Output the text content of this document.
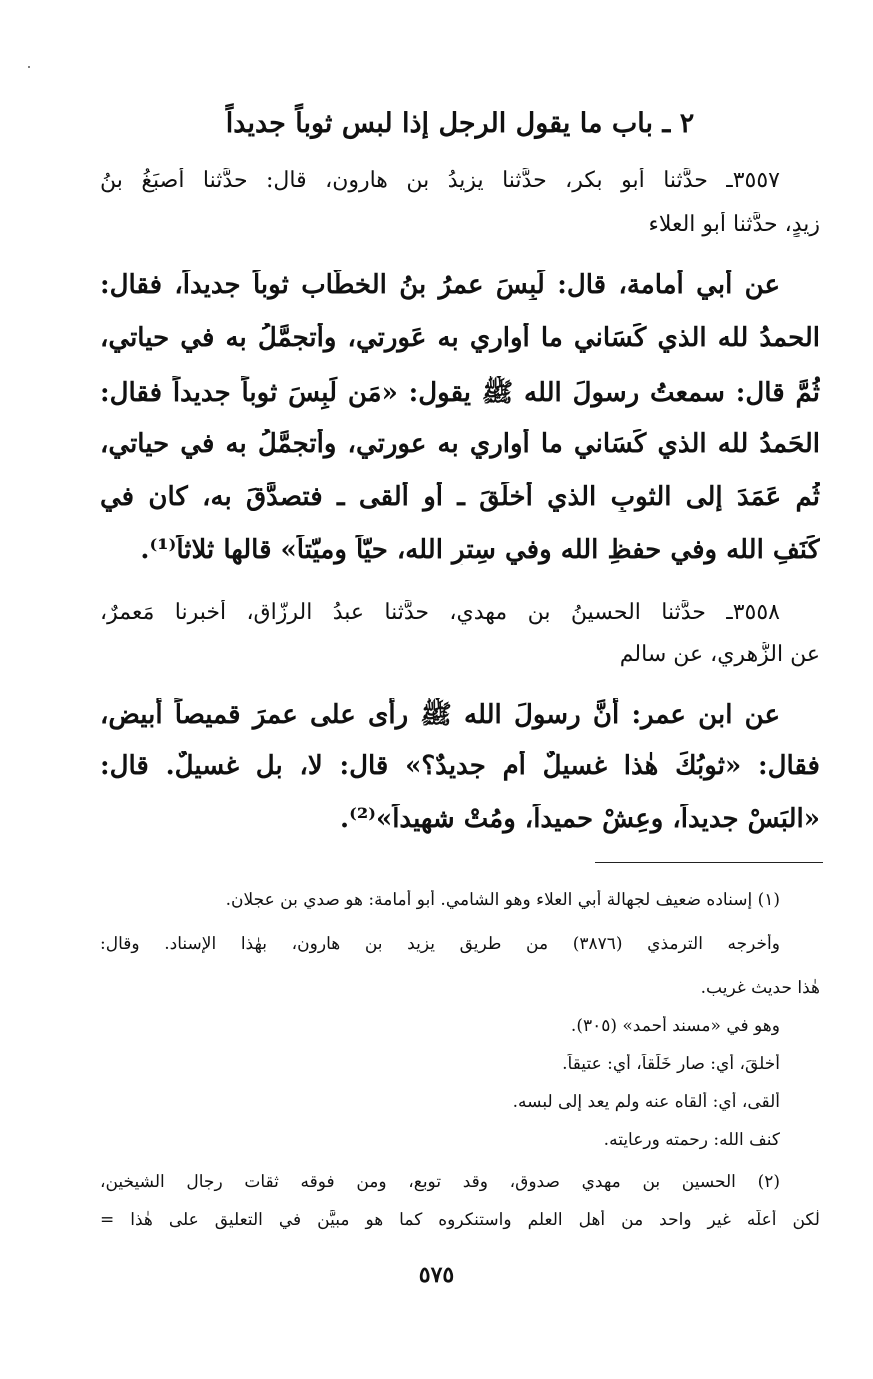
٢ ـ باب ما يقول الرجل إذا لبس ثوباً جديداً
٣٥٥٧ـ حدَّثنا أبو بكر، حدَّثنا يزيدُ بن هارون، قال: حدَّثنا أصبَغُ بنُ
زيدٍ، حدَّثنا أبو العلاء
عن أبي أُمامة، قال: لَبِسَ عمرُ بنُ الخطّاب ثوباً جديداً، فقال:
الحمدُ لله الذي كَسَاني ما أُواري به عَورتي، وأتجمَّلُ به في حياتي،
ثُمَّ قال: سمعتُ رسولَ الله ﷺ يقول: «مَن لَبِسَ ثوباً جديداً فقال:
الحَمدُ لله الذي كَسَاني ما أُواري به عورتي، وأتجمَّلُ به في حياتي،
ثُم عَمَدَ إلى الثوبِ الذي أخلَقَ ـ أو ألقى ـ فتصدَّقَ به، كان في
كَنَفِ الله وفي حفظِ الله وفي سِترِ الله، حيّاً وميّتاً» قالها ثلاثاً⁽¹⁾.
٣٥٥٨ـ حدَّثنا الحسينُ بن مهدي، حدَّثنا عبدُ الرزّاق، أخبرنا مَعمرٌ،
عن الزُّهري، عن سالمٍ
عن ابن عمر: أنَّ رسولَ الله ﷺ رأى على عمرَ قميصاً أبيض،
فقال: «ثوبُكَ هٰذا غسيلٌ أم جديدٌ؟» قال: لا، بل غسيلٌ. قال:
«البَسْ جديداً، وعِشْ حميداً، ومُتْ شهيداً»⁽²⁾.
(١) إسناده ضعيف لجهالة أبي العلاء وهو الشامي. أبو أمامة: هو صدي بن عجلان.
وأخرجه الترمذي (٣٨٧٦) من طريق يزيد بن هارون، بهٰذا الإسناد. وقال:
هٰذا حديث غريب.
وهو في «مسند أحمد» (٣٠٥).
أَخلقَ، أي: صار خَلَقاً، أي: عتيقاً.
أَلقى، أي: ألقاه عنه ولم يعد إلى لبسه.
كنف الله: رحمته ورعايته.
(٢) الحسين بن مهدي صدوق، وقد توبع، ومن فوقه ثقات رجال الشيخين،
لٰكن أعلَّه غير واحد من أهل العلم واستنكروه كما هو مبيَّن في التعليق على هٰذا =
٥٧٥
